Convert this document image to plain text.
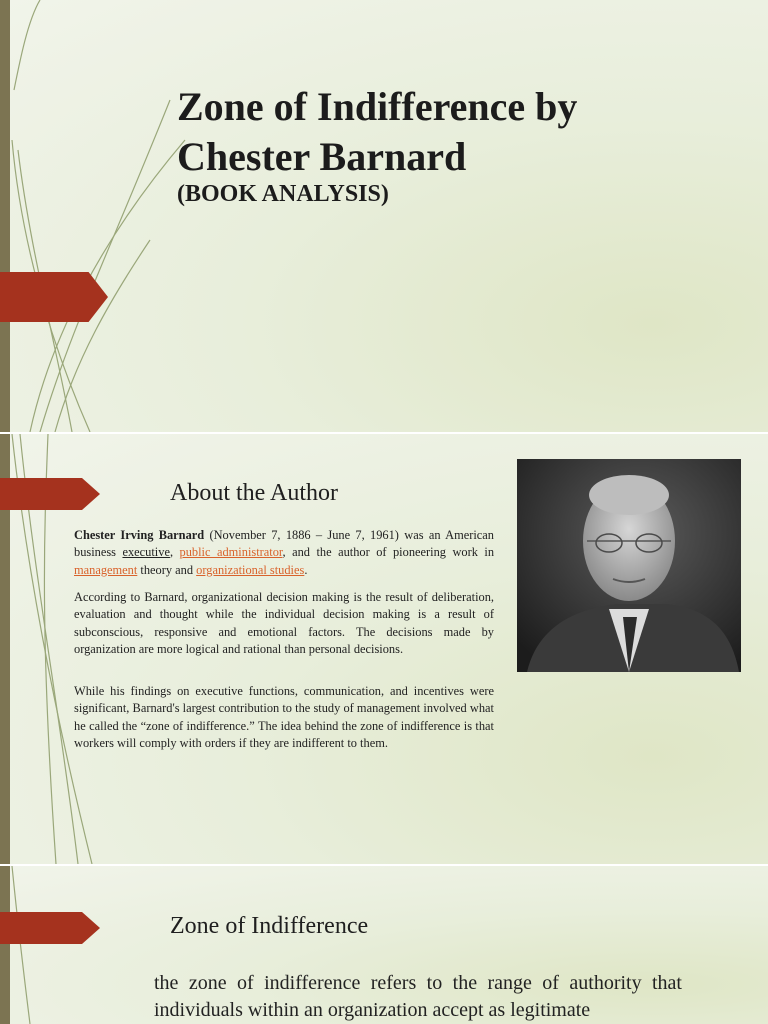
Zone of Indifference by Chester Barnard
(BOOK ANALYSIS)
About the Author
Chester Irving Barnard (November 7, 1886 – June 7, 1961) was an American business executive, public administrator, and the author of pioneering work in management theory and organizational studies.
According to Barnard, organizational decision making is the result of deliberation, evaluation and thought while the individual decision making is a result of subconscious, responsive and emotional factors. The decisions made by organization are more logical and rational than personal decisions.
While his findings on executive functions, communication, and incentives were significant, Barnard's largest contribution to the study of management involved what he called the “zone of indifference.” The idea behind the zone of indifference is that workers will comply with orders if they are indifferent to them.
Zone of Indifference
the zone of indifference refers to the range of authority that individuals within an organization accept as legitimate
